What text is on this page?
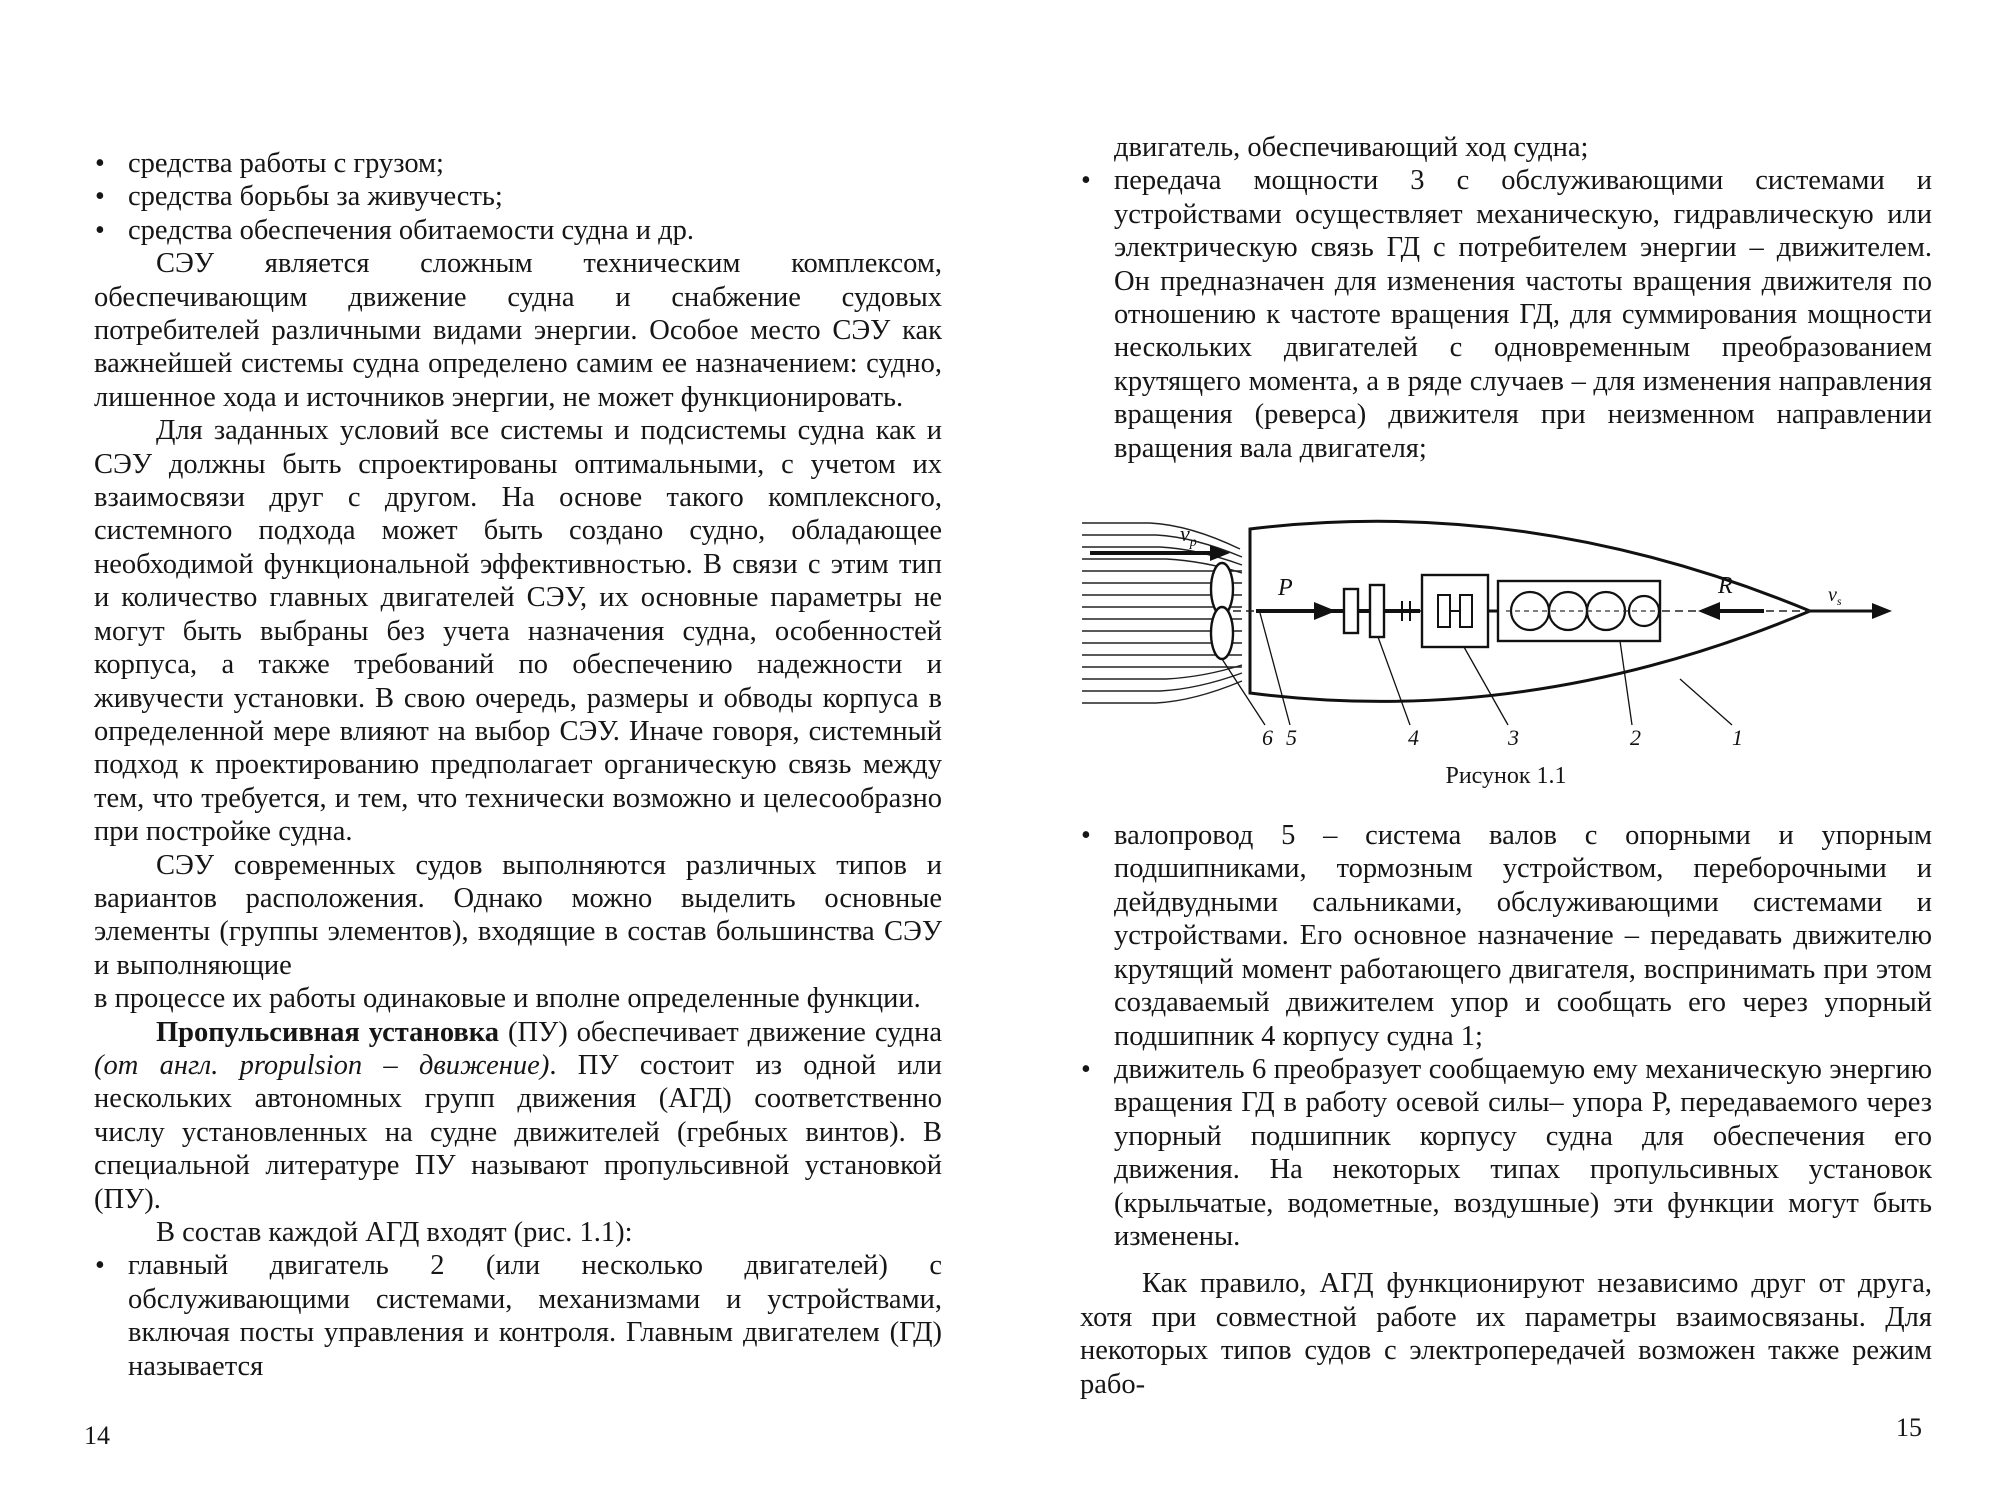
• средства работы с грузом;
• средства борьбы за живучесть;
• средства обеспечения обитаемости судна и др.

СЭУ является сложным техническим комплексом, обеспечивающим движение судна и снабжение судовых потребителей различными видами энергии. Особое место СЭУ как важнейшей системы судна определено самим ее назначением: судно, лишенное хода и источников энергии, не может функционировать.

Для заданных условий все системы и подсистемы судна как и СЭУ должны быть спроектированы оптимальными, с учетом их взаимосвязи друг с другом. На основе такого комплексного, системного подхода может быть создано судно, обладающее необходимой функциональной эффективностью. В связи с этим тип и количество главных двигателей СЭУ, их основные параметры не могут быть выбраны без учета назначения судна, особенностей корпуса, а также требований по обеспечению надежности и живучести установки. В свою очередь, размеры и обводы корпуса в определенной мере влияют на выбор СЭУ. Иначе говоря, системный подход к проектированию предполагает органическую связь между тем, что требуется, и тем, что технически возможно и целесообразно при постройке судна.

СЭУ современных судов выполняются различных типов и вариантов расположения. Однако можно выделить основные элементы (группы элементов), входящие в состав большинства СЭУ и выполняющие

в процессе их работы одинаковые и вполне определенные функции.

Пропульсивная установка (ПУ) обеспечивает движение судна (от англ. propulsion – движение). ПУ состоит из одной или нескольких автономных групп движения (АГД) соответственно числу установленных на судне движителей (гребных винтов). В специальной литературе ПУ называют пропульсивной установкой (ПУ).

В состав каждой АГД входят (рис. 1.1):

• главный двигатель 2 (или несколько двигателей) с обслуживающими системами, механизмами и устройствами, включая посты управления и контроля. Главным двигателем (ГД) называется
14
двигатель, обеспечивающий ход судна;
• передача мощности 3 с обслуживающими системами и устройствами осуществляет механическую, гидравлическую или электрическую связь ГД с потребителем энергии – движителем. Он предназначен для изменения частоты вращения движителя по отношению к частоте вращения ГД, для суммирования мощности нескольких двигателей с одновременным преобразованием крутящего момента, а в ряде случаев – для изменения направления вращения (реверса) движителя при неизменном направлении вращения вала двигателя;
$v_p$
P	R	$v_s$
6 5	4	3	2	1
Рисунок 1.1
• валопровод 5 – система валов с опорными и упорным подшипниками, тормозным устройством, переборочными и дейдвудными сальниками, обслуживающими системами и устройствами. Его основное назначение – передавать движителю крутящий момент работающего двигателя, воспринимать при этом создаваемый движителем упор и сообщать его через упорный подшипник 4 корпусу судна 1;
• движитель 6 преобразует сообщаемую ему механическую энергию вращения ГД в работу осевой силы– упора P, передаваемого через упорный подшипник корпусу судна для обеспечения его движения. На некоторых типах пропульсивных установок (крыльчатые, водометные, воздушные) эти функции могут быть изменены.

Как правило, АГД функционируют независимо друг от друга, хотя при совместной работе их параметры взаимосвязаны. Для некоторых типов судов с электропередачей возможен также режим рабо-

15
